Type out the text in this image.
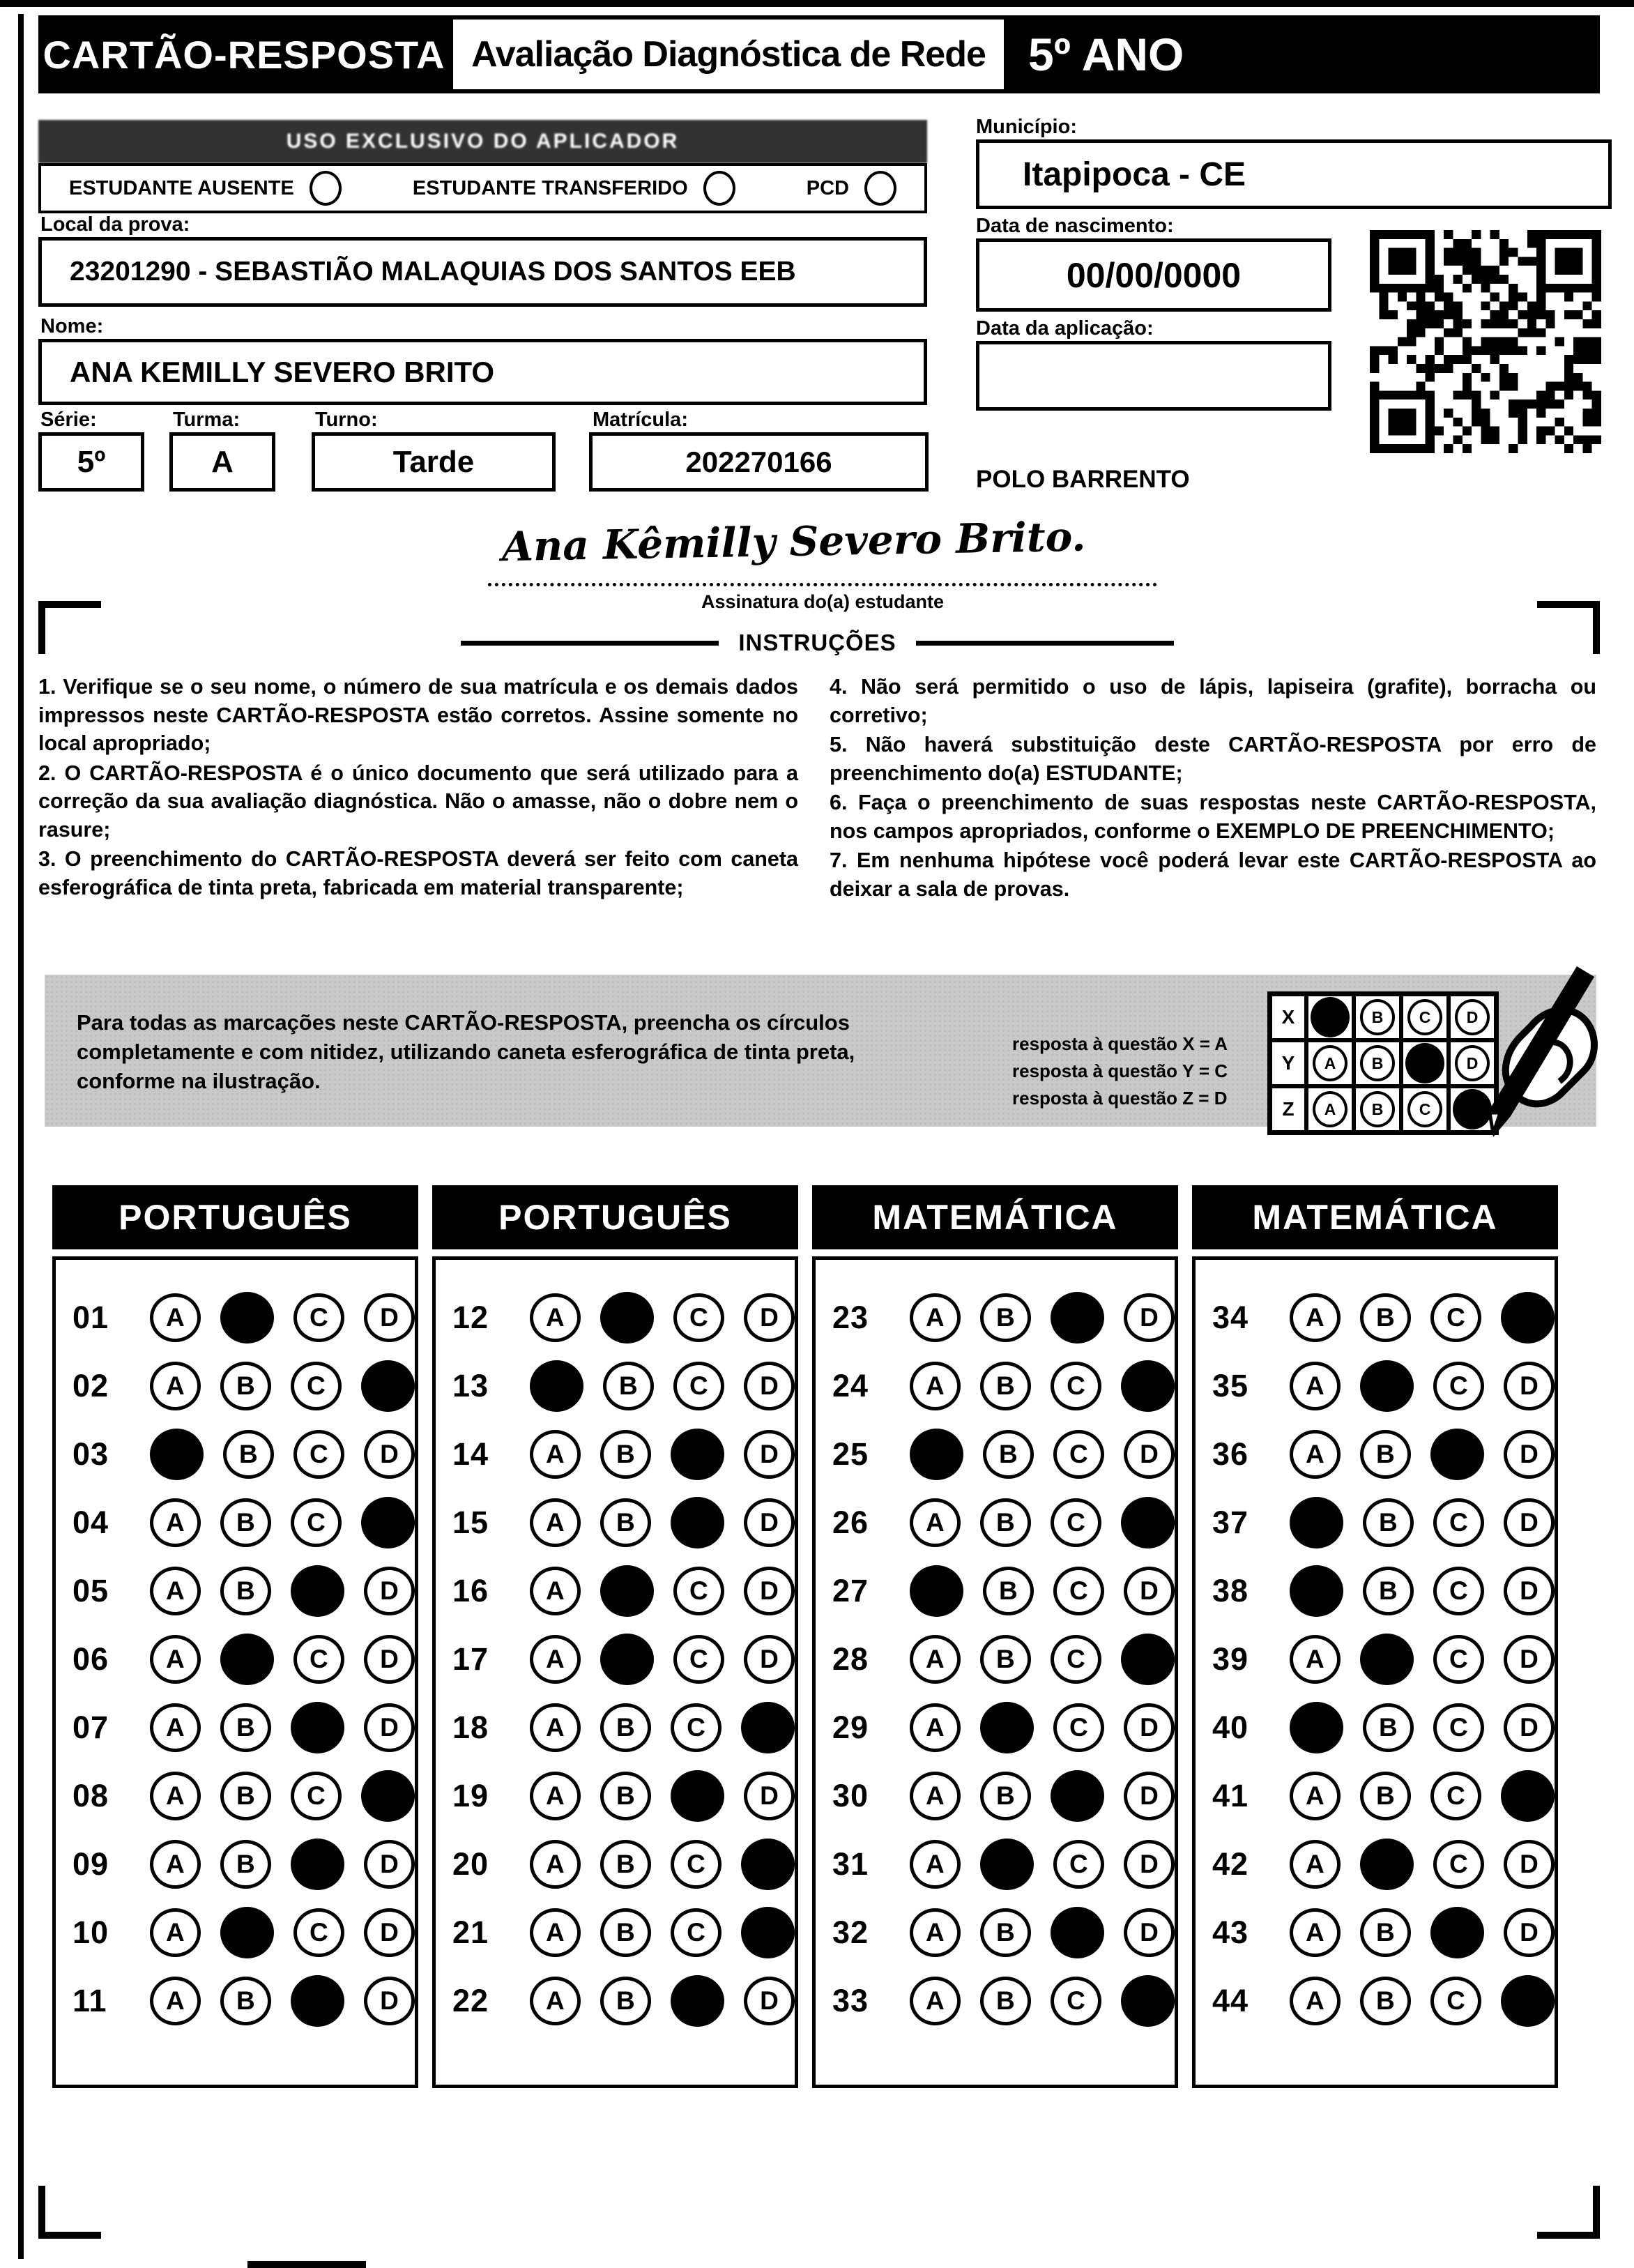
CARTÃO-RESPOSTA Avaliação Diagnóstica de Rede 5º ANO
USO EXCLUSIVO DO APLICADOR
ESTUDANTE AUSENTE	ESTUDANTE TRANSFERIDO	PCD
Município:
Itapipoca - CE
Local da prova:
23201290 - SEBASTIÃO MALAQUIAS DOS SANTOS EEB
Data de nascimento:
00/00/0000
Nome:
ANA KEMILLY SEVERO BRITO
Data da aplicação:
Série:
5º
Turma:
A
Turno:
Tarde
Matrícula:
202270166
POLO BARRENTO
Ana Kêmilly Severo Brito.
Assinatura do(a) estudante
INSTRUÇÕES

1. Verifique se o seu nome, o número de sua matrícula e os demais dados impressos neste CARTÃO-RESPOSTA estão corretos. Assine somente no local apropriado;

2. O CARTÃO-RESPOSTA é o único documento que será utilizado para a correção da sua avaliação diagnóstica. Não o amasse, não o dobre nem o rasure;

3. O preenchimento do CARTÃO-RESPOSTA deverá ser feito com caneta esferográfica de tinta preta, fabricada em material transparente;

4. Não será permitido o uso de lápis, lapiseira (grafite), borracha ou corretivo;

5. Não haverá substituição deste CARTÃO-RESPOSTA por erro de preenchimento do(a) ESTUDANTE;

6. Faça o preenchimento de suas respostas neste CARTÃO-RESPOSTA, nos campos apropriados, conforme o EXEMPLO DE PREENCHIMENTO;

7. Em nenhuma hipótese você poderá levar este CARTÃO-RESPOSTA ao deixar a sala de provas.

Para todas as marcações neste CARTÃO-RESPOSTA, preencha os círculos completamente e com nitidez, utilizando caneta esferográfica de tinta preta, conforme na ilustração.
resposta à questão X = A
resposta à questão Y = C
resposta à questão Z = D
X	B C D
Y	A B	D
Z	A B C
PORTUGUÊS
01	A	C D
02	A B C
03	B C D
04	A B C
05	A B	D
06	A	C D
07	A B	D
08	A B C
09	A B	D
10	A	C D
11	A B	D
PORTUGUÊS
12	A	C D
13	B C D
14	A B	D
15	A B	D
16	A	C D
17	A	C D
18	A B C
19	A B	D
20	A B C
21	A B C
22	A B	D
MATEMÁTICA
23	A B	D
24	A B C
25	B C D
26	A B C
27	B C D
28	A B C
29	A	C D
30	A B	D
31	A	C D
32	A B	D
33	A B C
MATEMÁTICA
34	A B C
35	A	C D
36	A B	D
37	B C D
38	B C D
39	A	C D
40	B C D
41	A B C
42	A	C D
43	A B	D
44	A B C
